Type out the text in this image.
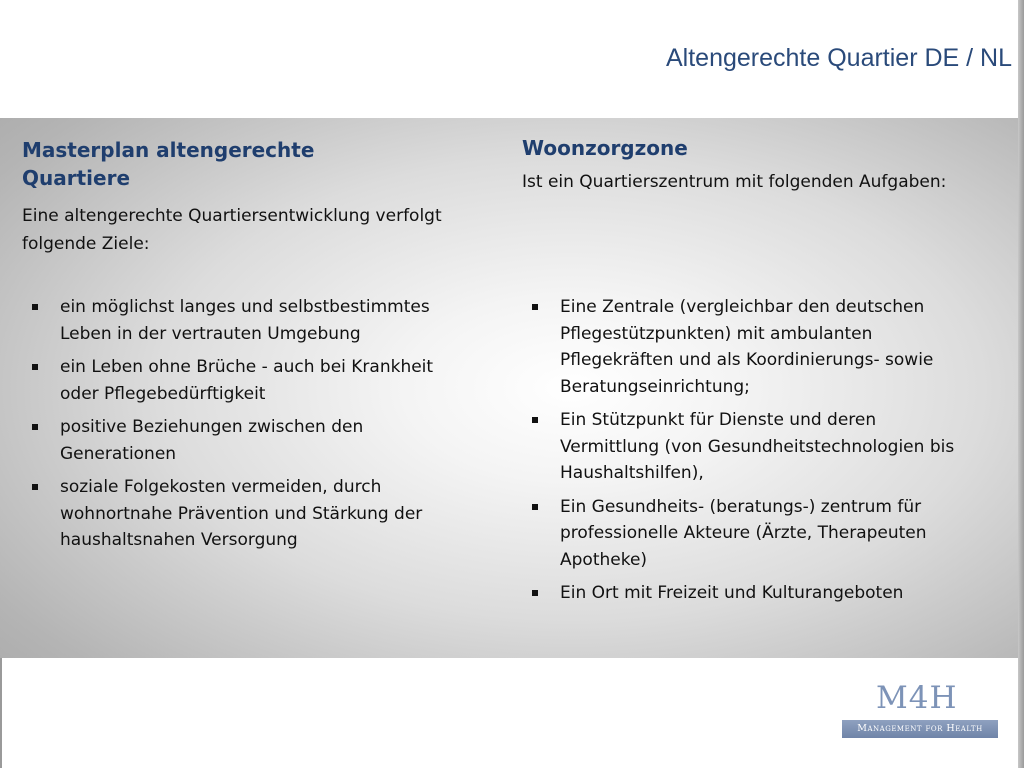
Altengerechte Quartier DE / NL
Masterplan altengerechte Quartiere

Eine altengerechte Quartiersentwicklung verfolgt folgende Ziele:

ein möglichst langes und selbstbestimmtes Leben in der vertrauten Umgebung
ein Leben ohne Brüche - auch bei Krankheit oder Pflegebedürftigkeit
positive Beziehungen zwischen den Generationen
soziale Folgekosten vermeiden, durch wohnortnahe Prävention und Stärkung der haushaltsnahen Versorgung
Woonzorgzone

Ist ein Quartierszentrum mit folgenden Aufgaben:

Eine Zentrale (vergleichbar den deutschen Pflegestützpunkten) mit ambulanten Pflegekräften und als Koordinierungs- sowie Beratungseinrichtung;
Ein Stützpunkt für Dienste und deren Vermittlung (von Gesundheitstechnologien bis Haushaltshilfen),
Ein Gesundheits- (beratungs-) zentrum für professionelle Akteure (Ärzte, Therapeuten Apotheke)
Ein Ort mit Freizeit und Kulturangeboten
M4H
Management for Health
